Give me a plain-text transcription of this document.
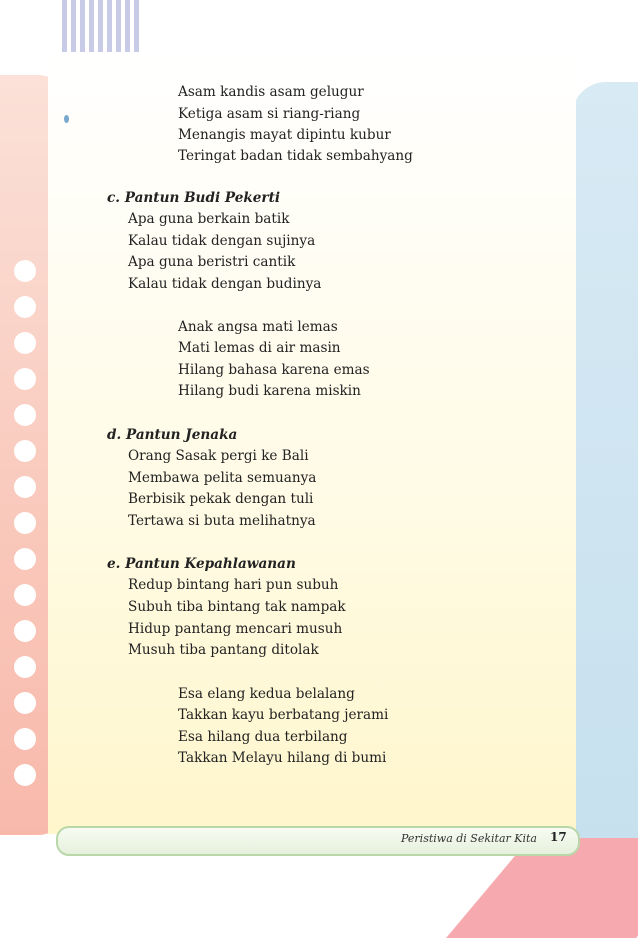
Asam kandis asam gelugur
Ketiga asam si riang-riang
Menangis mayat dipintu kubur
Teringat badan tidak sembahyang
c. Pantun Budi Pekerti
Apa guna berkain batik
Kalau tidak dengan sujinya
Apa guna beristri cantik
Kalau tidak dengan budinya
Anak angsa mati lemas
Mati lemas di air masin
Hilang bahasa karena emas
Hilang budi karena miskin
d. Pantun Jenaka
Orang Sasak pergi ke Bali
Membawa pelita semuanya
Berbisik pekak dengan tuli
Tertawa si buta melihatnya
e. Pantun Kepahlawanan
Redup bintang hari pun subuh
Subuh tiba bintang tak nampak
Hidup pantang mencari musuh
Musuh tiba pantang ditolak
Esa elang kedua belalang
Takkan kayu berbatang jerami
Esa hilang dua terbilang
Takkan Melayu hilang di bumi
Peristiwa di Sekitar Kita 17
